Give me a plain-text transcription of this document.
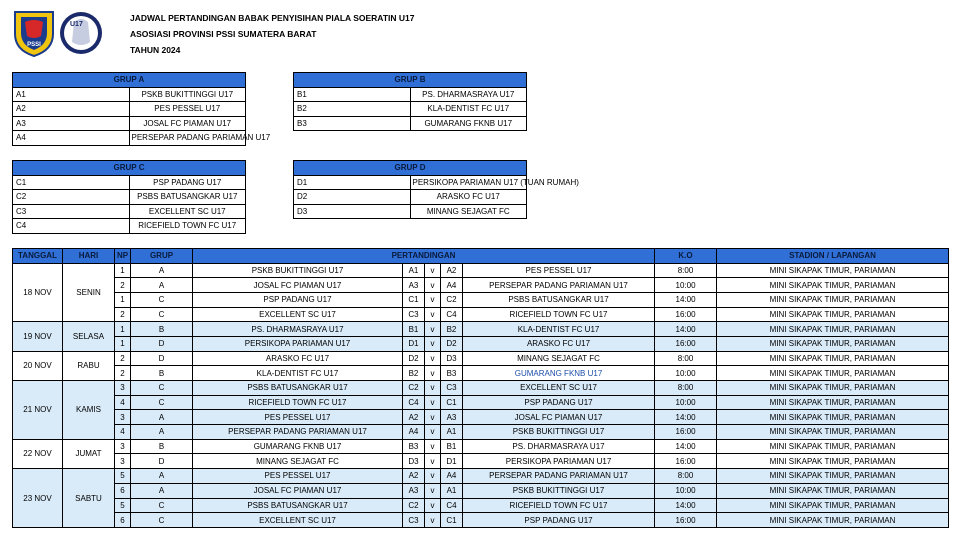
PSSI
U17
JADWAL PERTANDINGAN BABAK PENYISIHAN PIALA SOERATIN U17
ASOSIASI PROVINSI PSSI SUMATERA BARAT
TAHUN 2024
GRUP A	
A1	PSKB BUKITTINGGI U17
A2	PES PESSEL U17
A3	JOSAL FC PIAMAN U17
A4	PERSEPAR PADANG PARIAMAN U17
GRUP B	
B1	PS. DHARMASRAYA U17
B2	KLA-DENTIST FC U17
B3	GUMARANG FKNB U17
GRUP C	
C1	PSP PADANG U17
C2	PSBS BATUSANGKAR U17
C3	EXCELLENT SC U17
C4	RICEFIELD TOWN FC U17
GRUP D	
D1	PERSIKOPA PARIAMAN U17 (TUAN RUMAH)
D2	ARASKO FC U17
D3	MINANG SEJAGAT FC
TANGGAL	HARI	NP	GRUP	PERTANDINGAN					K.O	STADION / LAPANGAN
18 NOV	SENIN	1	A	PSKB BUKITTINGGI U17	A1	v	A2	PES PESSEL U17	8:00	MINI SIKAPAK TIMUR, PARIAMAN
		2	A	JOSAL FC PIAMAN U17	A3	v	A4	PERSEPAR PADANG PARIAMAN U17	10:00	MINI SIKAPAK TIMUR, PARIAMAN
		1	C	PSP PADANG U17	C1	v	C2	PSBS BATUSANGKAR U17	14:00	MINI SIKAPAK TIMUR, PARIAMAN
		2	C	EXCELLENT SC U17	C3	v	C4	RICEFIELD TOWN FC U17	16:00	MINI SIKAPAK TIMUR, PARIAMAN
19 NOV	SELASA	1	B	PS. DHARMASRAYA U17	B1	v	B2	KLA-DENTIST FC U17	14:00	MINI SIKAPAK TIMUR, PARIAMAN
		1	D	PERSIKOPA PARIAMAN U17	D1	v	D2	ARASKO FC U17	16:00	MINI SIKAPAK TIMUR, PARIAMAN
20 NOV	RABU	2	D	ARASKO FC U17	D2	v	D3	MINANG SEJAGAT FC	8:00	MINI SIKAPAK TIMUR, PARIAMAN
		2	B	KLA-DENTIST FC U17	B2	v	B3	GUMARANG FKNB U17	10:00	MINI SIKAPAK TIMUR, PARIAMAN
21 NOV	KAMIS	3	C	PSBS BATUSANGKAR U17	C2	v	C3	EXCELLENT SC U17	8:00	MINI SIKAPAK TIMUR, PARIAMAN
		4	C	RICEFIELD TOWN FC U17	C4	v	C1	PSP PADANG U17	10:00	MINI SIKAPAK TIMUR, PARIAMAN
		3	A	PES PESSEL U17	A2	v	A3	JOSAL FC PIAMAN U17	14:00	MINI SIKAPAK TIMUR, PARIAMAN
		4	A	PERSEPAR PADANG PARIAMAN U17	A4	v	A1	PSKB BUKITTINGGI U17	16:00	MINI SIKAPAK TIMUR, PARIAMAN
22 NOV	JUMAT	3	B	GUMARANG FKNB U17	B3	v	B1	PS. DHARMASRAYA U17	14:00	MINI SIKAPAK TIMUR, PARIAMAN
		3	D	MINANG SEJAGAT FC	D3	v	D1	PERSIKOPA PARIAMAN U17	16:00	MINI SIKAPAK TIMUR, PARIAMAN
23 NOV	SABTU	5	A	PES PESSEL U17	A2	v	A4	PERSEPAR PADANG PARIAMAN U17	8:00	MINI SIKAPAK TIMUR, PARIAMAN
		6	A	JOSAL FC PIAMAN U17	A3	v	A1	PSKB BUKITTINGGI U17	10:00	MINI SIKAPAK TIMUR, PARIAMAN
		5	C	PSBS BATUSANGKAR U17	C2	v	C4	RICEFIELD TOWN FC U17	14:00	MINI SIKAPAK TIMUR, PARIAMAN
		6	C	EXCELLENT SC U17	C3	v	C1	PSP PADANG U17	16:00	MINI SIKAPAK TIMUR, PARIAMAN
